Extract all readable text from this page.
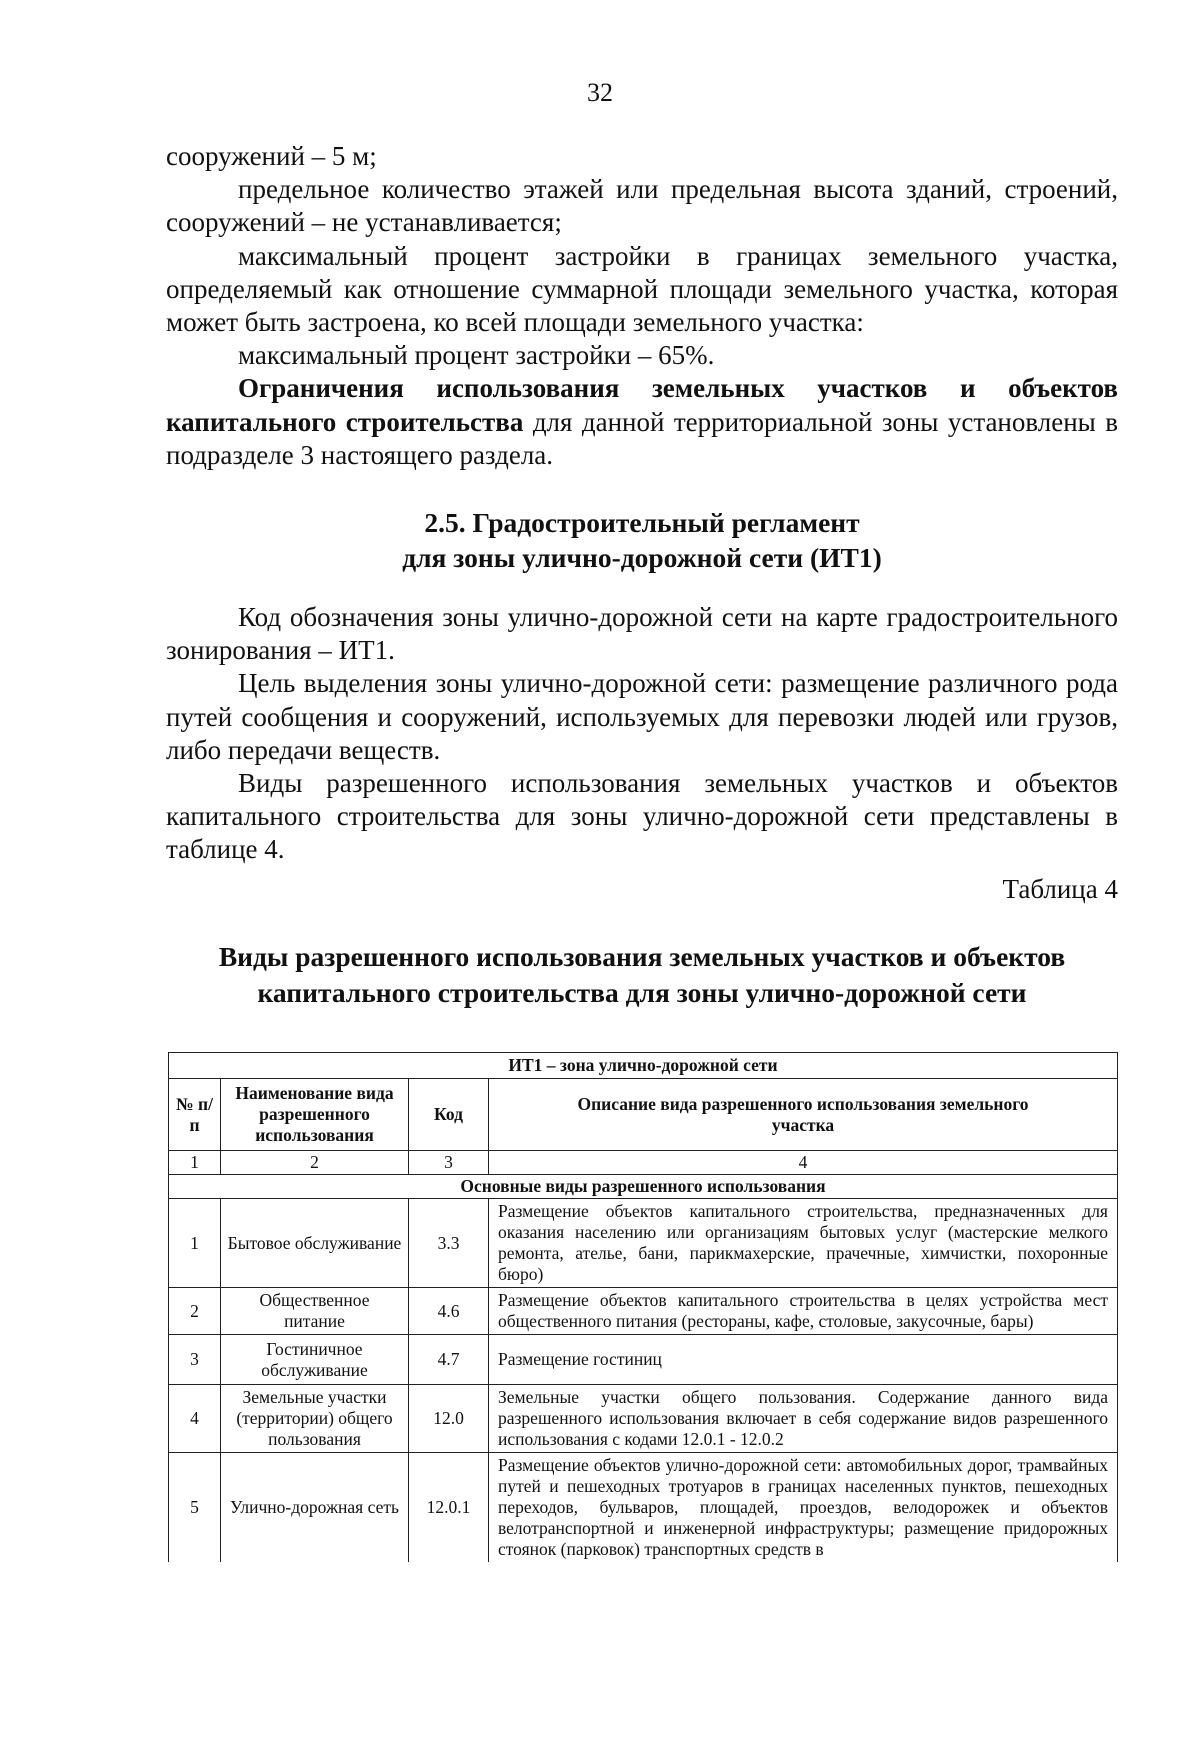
32

сооружений – 5 м;

предельное количество этажей или предельная высота зданий, строений, сооружений – не устанавливается;

максимальный процент застройки в границах земельного участка, определяемый как отношение суммарной площади земельного участка, которая может быть застроена, ко всей площади земельного участка:

максимальный процент застройки – 65%.

Ограничения использования земельных участков и объектов капитального строительства для данной территориальной зоны установлены в подразделе 3 настоящего раздела.

2.5. Градостроительный регламент
для зоны улично-дорожной сети (ИТ1)

Код обозначения зоны улично-дорожной сети на карте градостроительного зонирования – ИТ1.

Цель выделения зоны улично-дорожной сети: размещение различного рода путей сообщения и сооружений, используемых для перевозки людей или грузов, либо передачи веществ.

Виды разрешенного использования земельных участков и объектов капитального строительства для зоны улично-дорожной сети представлены в таблице 4.

Таблица 4
Виды разрешенного использования земельных участков и объектов
капитального строительства для зоны улично-дорожной сети
ИТ1 – зона улично-дорожной сети			
№ п/п	Наименование вида разрешенного использования	Код	Описание вида разрешенного использования земельного участка
1	2	3	4
Основные виды разрешенного использования			
1	Бытовое обслуживание	3.3	Размещение объектов капитального строительства, предназначенных для оказания населению или организациям бытовых услуг (мастерские мелкого ремонта, ателье, бани, парикмахерские, прачечные, химчистки, похоронные бюро)
2	Общественное питание	4.6	Размещение объектов капитального строительства в целях устройства мест общественного питания (рестораны, кафе, столовые, закусочные, бары)
3	Гостиничное обслуживание	4.7	Размещение гостиниц
4	Земельные участки (территории) общего пользования	12.0	Земельные участки общего пользования. Содержание данного вида разрешенного использования включает в себя содержание видов разрешенного использования с кодами 12.0.1 - 12.0.2
5	Улично-дорожная сеть	12.0.1	Размещение объектов улично-дорожной сети: автомобильных дорог, трамвайных путей и пешеходных тротуаров в границах населенных пунктов, пешеходных переходов, бульваров, площадей, проездов, велодорожек и объектов велотранспортной и инженерной инфраструктуры; размещение придорожных стоянок (парковок) транспортных средств в
